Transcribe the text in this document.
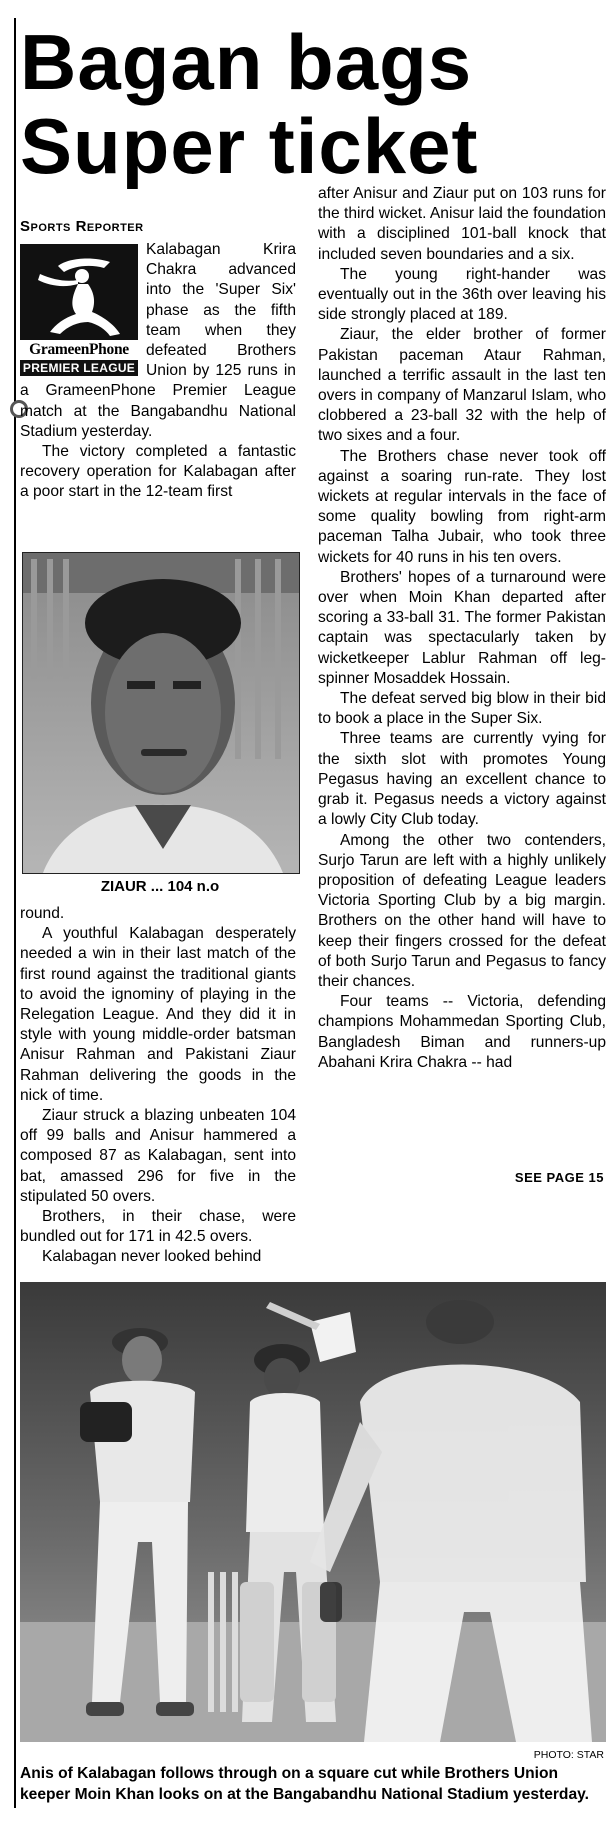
Bagan bags
Super ticket
Sports Reporter
GrameenPhone
PREMIER LEAGUE

Kalabagan Krira Chakra advanced into the 'Super Six' phase as the fifth team when they defeated Brothers Union by 125 runs in a GrameenPhone Premier League match at the Bangabandhu National Stadium yesterday.

The victory completed a fantastic recovery operation for Kalabagan after a poor start in the 12-team first

ZIAUR ... 104 n.o

round.

A youthful Kalabagan desperately needed a win in their last match of the first round against the traditional giants to avoid the ignominy of playing in the Relegation League. And they did it in style with young middle-order batsman Anisur Rahman and Pakistani Ziaur Rahman delivering the goods in the nick of time.

Ziaur struck a blazing unbeaten 104 off 99 balls and Anisur hammered a composed 87 as Kalabagan, sent into bat, amassed 296 for five in the stipulated 50 overs.

Brothers, in their chase, were bundled out for 171 in 42.5 overs.

Kalabagan never looked behind

after Anisur and Ziaur put on 103 runs for the third wicket. Anisur laid the foundation with a disciplined 101-ball knock that included seven boundaries and a six.

The young right-hander was eventually out in the 36th over leaving his side strongly placed at 189.

Ziaur, the elder brother of former Pakistan paceman Ataur Rahman, launched a terrific assault in the last ten overs in company of Manzarul Islam, who clobbered a 23-ball 32 with the help of two sixes and a four.

The Brothers chase never took off against a soaring run-rate. They lost wickets at regular intervals in the face of some quality bowling from right-arm paceman Talha Jubair, who took three wickets for 40 runs in his ten overs.

Brothers' hopes of a turnaround were over when Moin Khan departed after scoring a 33-ball 31. The former Pakistan captain was spectacularly taken by wicketkeeper Lablur Rahman off leg-spinner Mosaddek Hossain.

The defeat served big blow in their bid to book a place in the Super Six.

Three teams are currently vying for the sixth slot with promotes Young Pegasus having an excellent chance to grab it. Pegasus needs a victory against a lowly City Club today.

Among the other two contenders, Surjo Tarun are left with a highly unlikely proposition of defeating League leaders Victoria Sporting Club by a big margin. Brothers on the other hand will have to keep their fingers crossed for the defeat of both Surjo Tarun and Pegasus to fancy their chances.

Four teams -- Victoria, defending champions Mohammedan Sporting Club, Bangladesh Biman and runners-up Abahani Krira Chakra -- had

SEE PAGE 15
PHOTO: STAR
Anis of Kalabagan follows through on a square cut while Brothers Union keeper Moin Khan looks on at the Bangabandhu National Stadium yesterday.
